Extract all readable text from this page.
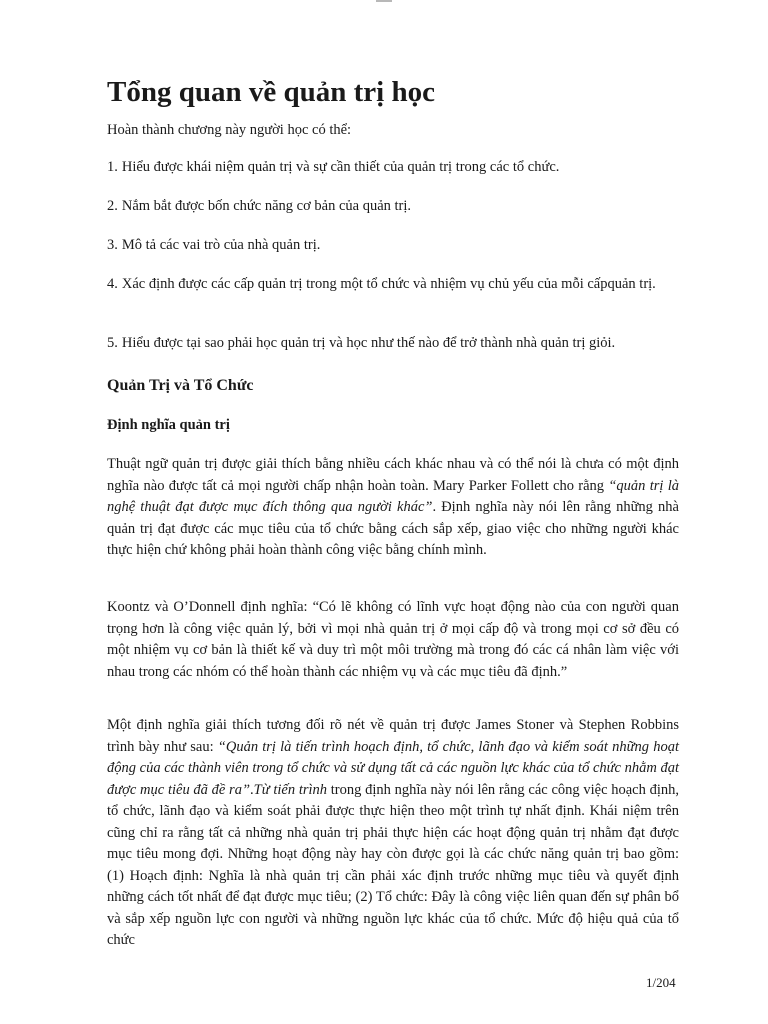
Tổng quan về quản trị học

Hoàn thành chương này người học có thể:

1. Hiểu được khái niệm quản trị và sự cần thiết của quản trị trong các tổ chức.
2. Nắm bắt được bốn chức năng cơ bản của quản trị.
3. Mô tả các vai trò của nhà quản trị.
4. Xác định được các cấp quản trị trong một tổ chức và nhiệm vụ chủ yếu của mỗi cấpquản trị.
5. Hiểu được tại sao phải học quản trị và học như thế nào để trở thành nhà quản trị giỏi.
Quản Trị và Tổ Chức
Định nghĩa quản trị

Thuật ngữ quản trị được giải thích bằng nhiều cách khác nhau và có thể nói là chưa có một định nghĩa nào được tất cả mọi người chấp nhận hoàn toàn. Mary Parker Follett cho rằng “quản trị là nghệ thuật đạt được mục đích thông qua người khác”. Định nghĩa này nói lên rằng những nhà quản trị đạt được các mục tiêu của tổ chức bằng cách sắp xếp, giao việc cho những người khác thực hiện chứ không phải hoàn thành công việc bằng chính mình.

Koontz và O’Donnell định nghĩa: “Có lẽ không có lĩnh vực hoạt động nào của con người quan trọng hơn là công việc quản lý, bởi vì mọi nhà quản trị ở mọi cấp độ và trong mọi cơ sở đều có một nhiệm vụ cơ bản là thiết kế và duy trì một môi trường mà trong đó các cá nhân làm việc với nhau trong các nhóm có thể hoàn thành các nhiệm vụ và các mục tiêu đã định.”

Một định nghĩa giải thích tương đối rõ nét về quản trị được James Stoner và Stephen Robbins trình bày như sau: “Quản trị là tiến trình hoạch định, tổ chức, lãnh đạo và kiểm soát những hoạt động của các thành viên trong tổ chức và sử dụng tất cả các nguồn lực khác của tổ chức nhằm đạt được mục tiêu đã đề ra”.Từ tiến trình trong định nghĩa này nói lên rằng các công việc hoạch định, tổ chức, lãnh đạo và kiểm soát phải được thực hiện theo một trình tự nhất định. Khái niệm trên cũng chỉ ra rằng tất cả những nhà quản trị phải thực hiện các hoạt động quản trị nhằm đạt được mục tiêu mong đợi. Những hoạt động này hay còn được gọi là các chức năng quản trị bao gồm: (1) Hoạch định: Nghĩa là nhà quản trị cần phải xác định trước những mục tiêu và quyết định những cách tốt nhất để đạt được mục tiêu; (2) Tổ chức: Đây là công việc liên quan đến sự phân bổ và sắp xếp nguồn lực con người và những nguồn lực khác của tổ chức. Mức độ hiệu quả của tổ chức

1/204
